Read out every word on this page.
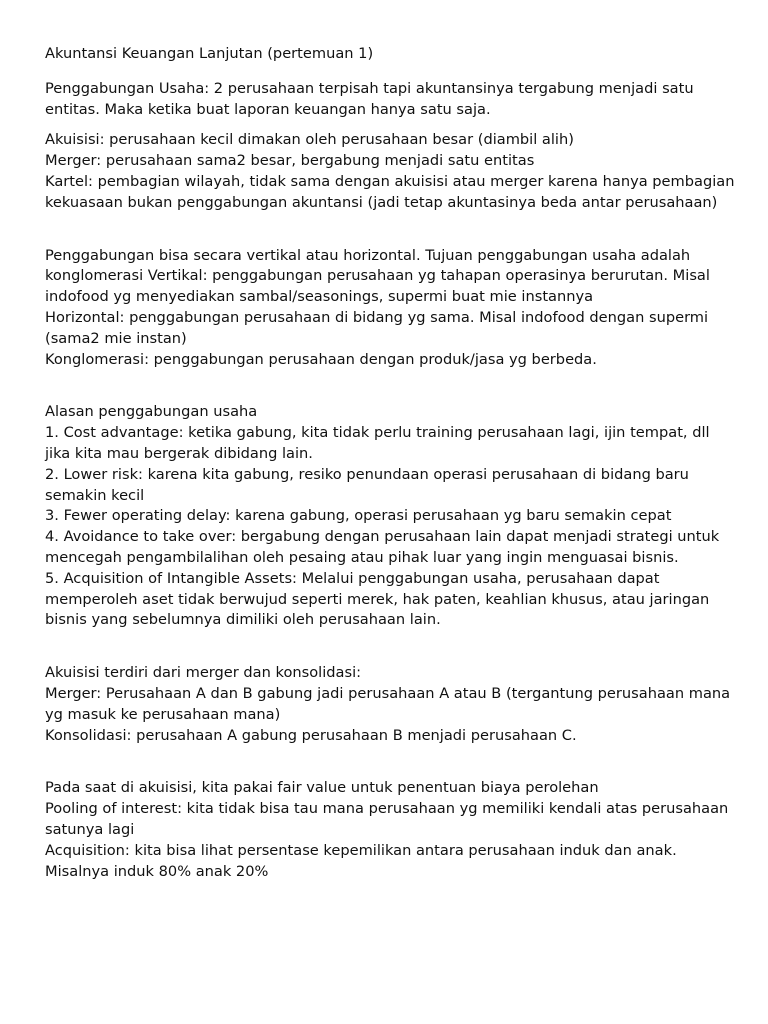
Akuntansi Keuangan Lanjutan (pertemuan 1)

Penggabungan Usaha: 2 perusahaan terpisah tapi akuntansinya tergabung menjadi satu entitas. Maka ketika buat laporan keuangan hanya satu saja.

Akuisisi: perusahaan kecil dimakan oleh perusahaan besar (diambil alih)

Merger: perusahaan sama2 besar, bergabung menjadi satu entitas

Kartel: pembagian wilayah, tidak sama dengan akuisisi atau merger karena hanya pembagian kekuasaan bukan penggabungan akuntansi (jadi tetap akuntasinya beda antar perusahaan)

Penggabungan bisa secara vertikal atau horizontal. Tujuan penggabungan usaha adalah konglomerasi Vertikal: penggabungan perusahaan yg tahapan operasinya berurutan. Misal indofood yg menyediakan sambal/seasonings, supermi buat mie instannya

Horizontal: penggabungan perusahaan di bidang yg sama. Misal indofood dengan supermi (sama2 mie instan)

Konglomerasi: penggabungan perusahaan dengan produk/jasa yg berbeda.

Alasan penggabungan usaha

1. Cost advantage: ketika gabung, kita tidak perlu training perusahaan lagi, ijin tempat, dll jika kita mau bergerak dibidang lain.

2. Lower risk: karena kita gabung, resiko penundaan operasi perusahaan di bidang baru semakin kecil

3. Fewer operating delay: karena gabung, operasi perusahaan yg baru semakin cepat

4. Avoidance to take over: bergabung dengan perusahaan lain dapat menjadi strategi untuk mencegah pengambilalihan oleh pesaing atau pihak luar yang ingin menguasai bisnis.

5. Acquisition of Intangible Assets: Melalui penggabungan usaha, perusahaan dapat memperoleh aset tidak berwujud seperti merek, hak paten, keahlian khusus, atau jaringan bisnis yang sebelumnya dimiliki oleh perusahaan lain.

Akuisisi terdiri dari merger dan konsolidasi:

Merger: Perusahaan A dan B gabung jadi perusahaan A atau B (tergantung perusahaan mana yg masuk ke perusahaan mana)

Konsolidasi: perusahaan A gabung perusahaan B menjadi perusahaan C.

Pada saat di akuisisi, kita pakai fair value untuk penentuan biaya perolehan

Pooling of interest: kita tidak bisa tau mana perusahaan yg memiliki kendali atas perusahaan satunya lagi

Acquisition: kita bisa lihat persentase kepemilikan antara perusahaan induk dan anak. Misalnya induk 80% anak 20%
